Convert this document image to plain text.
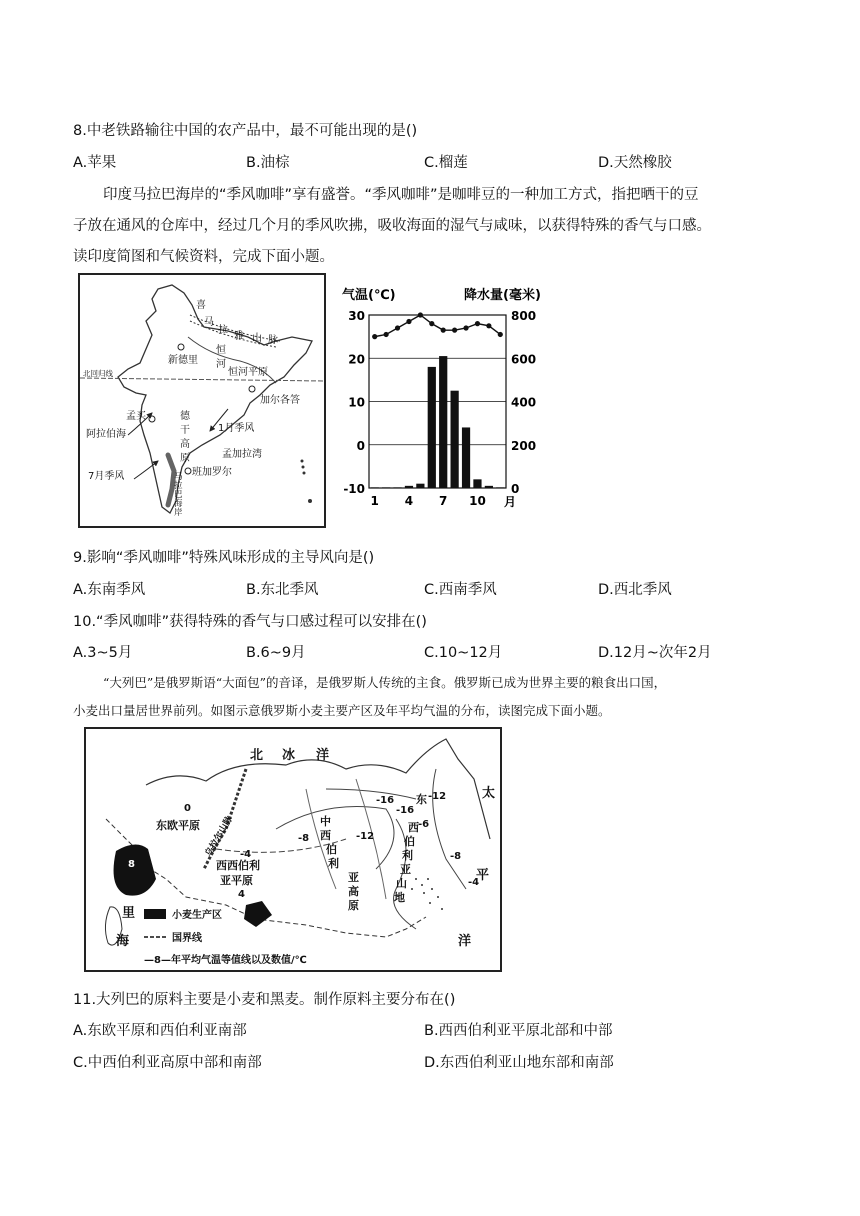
8.中老铁路输往中国的农产品中，最不可能出现的是()
A.苹果	B.油棕	C.榴莲	D.天然橡胶
印度马拉巴海岸的“季风咖啡”享有盛誉。“季风咖啡”是咖啡豆的一种加工方式，指把晒干的豆
子放在通风的仓库中，经过几个月的季风吹拂，吸收海面的湿气与咸味，以获得特殊的香气与口感。
读印度简图和气候资料，完成下面小题。
喜
马
拉
雅 山 脉
新德里
恒
河
恒河平原
北回归线
加尔各答
孟买	德
干
高
原
1月季风
阿拉伯海
孟加拉湾
7月季风	班加罗尔
马
拉
巴
海
岸
气温(℃)	降水量(毫米)
30
20
10
0
-10
800
600
400
200
0
1 4 7 10 月
9.影响“季风咖啡”特殊风味形成的主导风向是()
A.东南季风	B.东北季风	C.西南季风	D.西北季风
10.“季风咖啡”获得特殊的香气与口感过程可以安排在()
A.3~5月	B.6~9月	C.10~12月	D.12月~次年2月
“大列巴”是俄罗斯语“大面包”的音译，是俄罗斯人传统的主食。俄罗斯已成为世界主要的粮食出口国，
小麦出口量居世界前列。如图示意俄罗斯小麦主要产区及年平均气温的分布，读图完成下面小题。
北 冰 洋
太
平
洋
东欧平原 乌拉尔山脉
西西伯利
亚平原
中
西
伯
利
亚
高
原
东
西
伯
利
亚
山
地
里
海
-16	-12
-16
-6
-8	-12
-8
-4
-4
8
12
0
4
小麦生产区
国界线
—8—年平均气温等值线以及数值/℃
11.大列巴的原料主要是小麦和黑麦。制作原料主要分布在()
A.东欧平原和西伯利亚南部	B.西西伯利亚平原北部和中部
C.中西伯利亚高原中部和南部	D.东西伯利亚山地东部和南部
